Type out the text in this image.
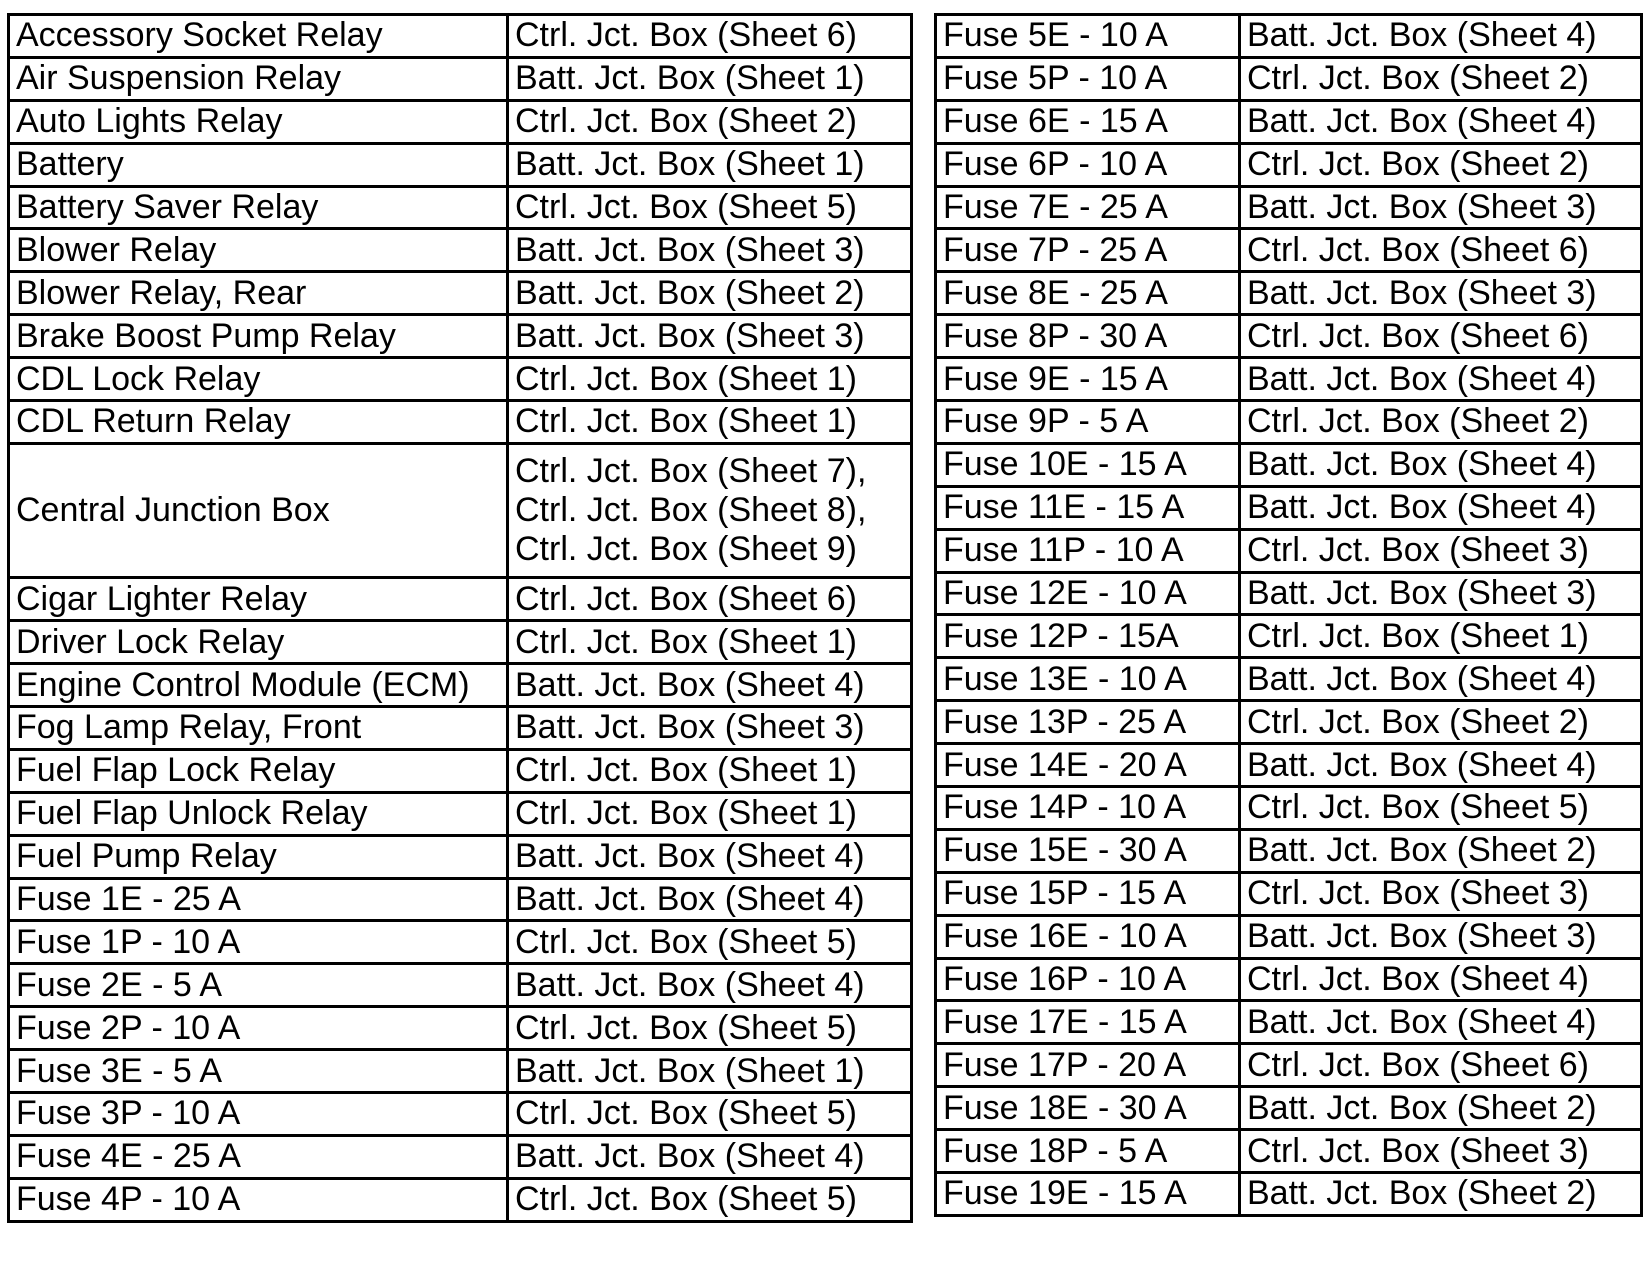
Accessory Socket Relay	Ctrl. Jct. Box (Sheet 6)
Air Suspension Relay	Batt. Jct. Box (Sheet 1)
Auto Lights Relay	Ctrl. Jct. Box (Sheet 2)
Battery	Batt. Jct. Box (Sheet 1)
Battery Saver Relay	Ctrl. Jct. Box (Sheet 5)
Blower Relay	Batt. Jct. Box (Sheet 3)
Blower Relay, Rear	Batt. Jct. Box (Sheet 2)
Brake Boost Pump Relay	Batt. Jct. Box (Sheet 3)
CDL Lock Relay	Ctrl. Jct. Box (Sheet 1)
CDL Return Relay	Ctrl. Jct. Box (Sheet 1)
Central Junction Box	Ctrl. Jct. Box (Sheet 7),
Ctrl. Jct. Box (Sheet 8),
Ctrl. Jct. Box (Sheet 9)

Cigar Lighter Relay	Ctrl. Jct. Box (Sheet 6)
Driver Lock Relay	Ctrl. Jct. Box (Sheet 1)
Engine Control Module (ECM)	Batt. Jct. Box (Sheet 4)
Fog Lamp Relay, Front	Batt. Jct. Box (Sheet 3)
Fuel Flap Lock Relay	Ctrl. Jct. Box (Sheet 1)
Fuel Flap Unlock Relay	Ctrl. Jct. Box (Sheet 1)
Fuel Pump Relay	Batt. Jct. Box (Sheet 4)
Fuse 1E - 25 A	Batt. Jct. Box (Sheet 4)
Fuse 1P - 10 A	Ctrl. Jct. Box (Sheet 5)
Fuse 2E - 5 A	Batt. Jct. Box (Sheet 4)
Fuse 2P - 10 A	Ctrl. Jct. Box (Sheet 5)
Fuse 3E - 5 A	Batt. Jct. Box (Sheet 1)
Fuse 3P - 10 A	Ctrl. Jct. Box (Sheet 5)
Fuse 4E - 25 A	Batt. Jct. Box (Sheet 4)
Fuse 4P - 10 A	Ctrl. Jct. Box (Sheet 5)
Fuse 5E - 10 A	Batt. Jct. Box (Sheet 4)
Fuse 5P - 10 A	Ctrl. Jct. Box (Sheet 2)
Fuse 6E - 15 A	Batt. Jct. Box (Sheet 4)
Fuse 6P - 10 A	Ctrl. Jct. Box (Sheet 2)
Fuse 7E - 25 A	Batt. Jct. Box (Sheet 3)
Fuse 7P - 25 A	Ctrl. Jct. Box (Sheet 6)
Fuse 8E - 25 A	Batt. Jct. Box (Sheet 3)
Fuse 8P - 30 A	Ctrl. Jct. Box (Sheet 6)
Fuse 9E - 15 A	Batt. Jct. Box (Sheet 4)
Fuse 9P - 5 A	Ctrl. Jct. Box (Sheet 2)
Fuse 10E - 15 A	Batt. Jct. Box (Sheet 4)
Fuse 11E - 15 A	Batt. Jct. Box (Sheet 4)
Fuse 11P - 10 A	Ctrl. Jct. Box (Sheet 3)
Fuse 12E - 10 A	Batt. Jct. Box (Sheet 3)
Fuse 12P - 15A	Ctrl. Jct. Box (Sheet 1)
Fuse 13E - 10 A	Batt. Jct. Box (Sheet 4)
Fuse 13P - 25 A	Ctrl. Jct. Box (Sheet 2)
Fuse 14E - 20 A	Batt. Jct. Box (Sheet 4)
Fuse 14P - 10 A	Ctrl. Jct. Box (Sheet 5)
Fuse 15E - 30 A	Batt. Jct. Box (Sheet 2)
Fuse 15P - 15 A	Ctrl. Jct. Box (Sheet 3)
Fuse 16E - 10 A	Batt. Jct. Box (Sheet 3)
Fuse 16P - 10 A	Ctrl. Jct. Box (Sheet 4)
Fuse 17E - 15 A	Batt. Jct. Box (Sheet 4)
Fuse 17P - 20 A	Ctrl. Jct. Box (Sheet 6)
Fuse 18E - 30 A	Batt. Jct. Box (Sheet 2)
Fuse 18P - 5 A	Ctrl. Jct. Box (Sheet 3)
Fuse 19E - 15 A	Batt. Jct. Box (Sheet 2)
